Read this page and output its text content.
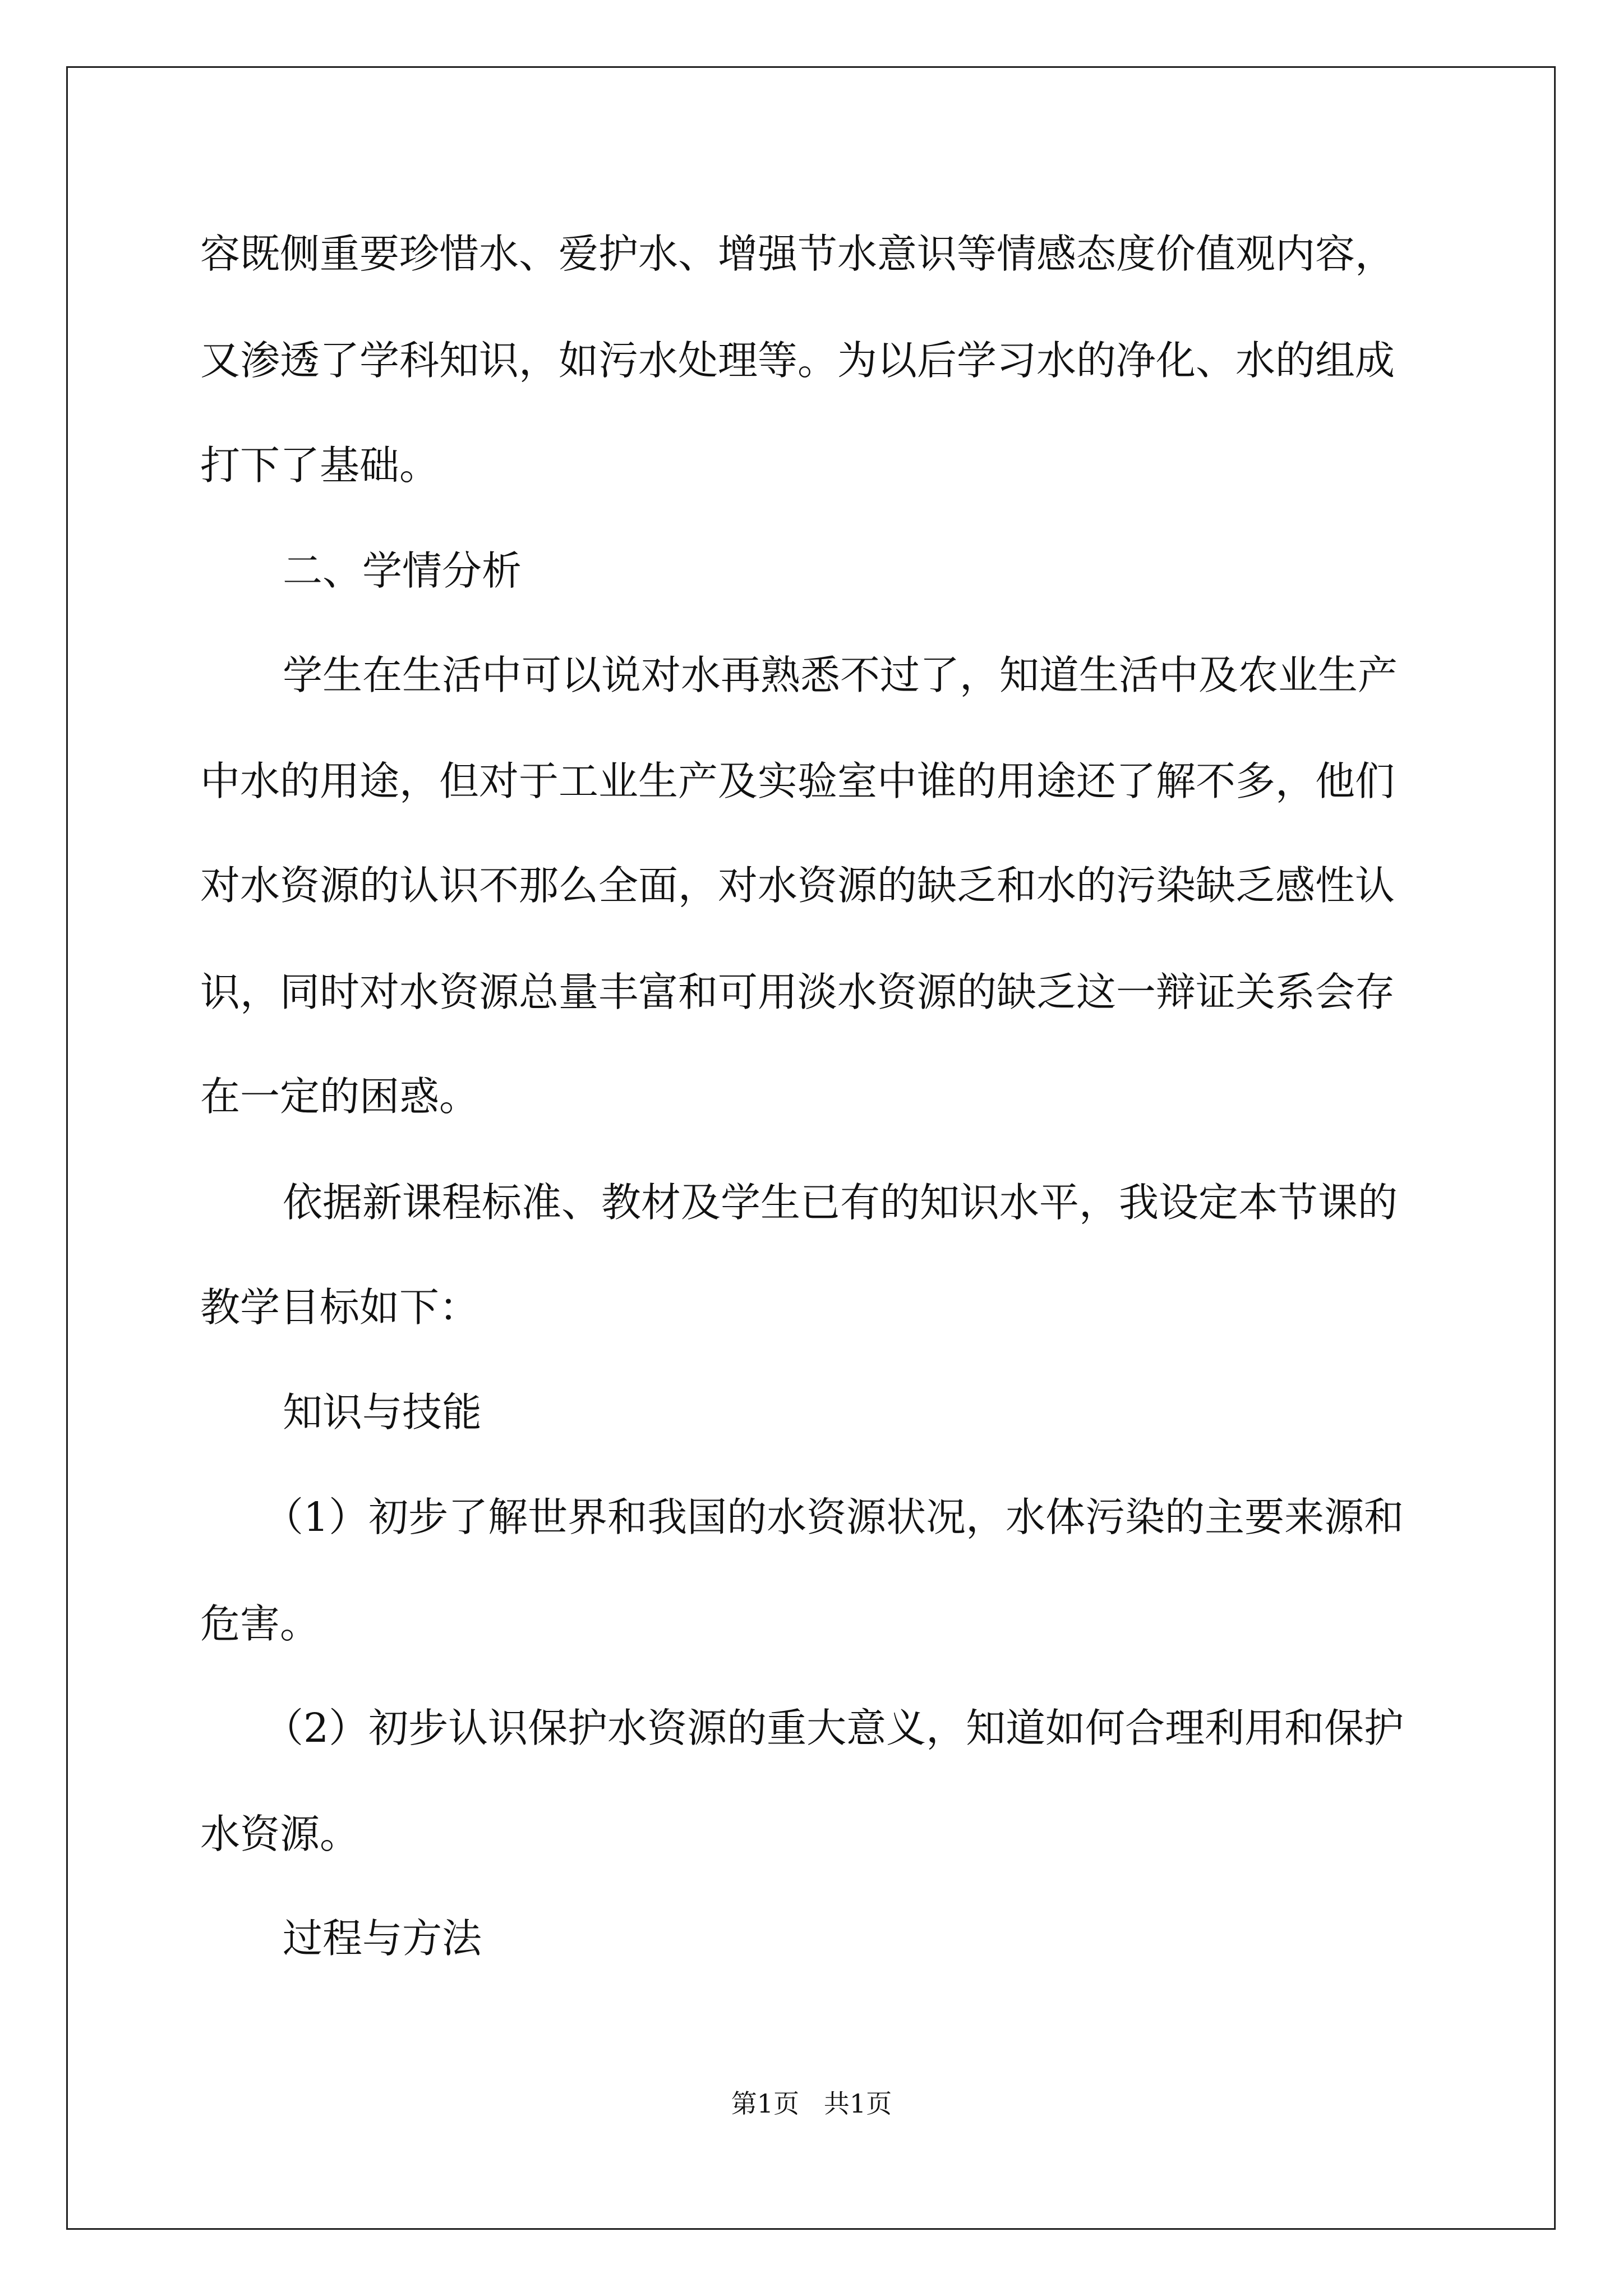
容既侧重要珍惜水、爱护水、增强节水意识等情感态度价值观内容，

又渗透了学科知识，如污水处理等。为以后学习水的净化、水的组成

打下了基础。

二、学情分析

学生在生活中可以说对水再熟悉不过了，知道生活中及农业生产

中水的用途，但对于工业生产及实验室中谁的用途还了解不多，他们

对水资源的认识不那么全面，对水资源的缺乏和水的污染缺乏感性认

识，同时对水资源总量丰富和可用淡水资源的缺乏这一辩证关系会存

在一定的困惑。

依据新课程标准、教材及学生已有的知识水平，我设定本节课的

教学目标如下：

知识与技能

（1）初步了解世界和我国的水资源状况，水体污染的主要来源和

危害。

（2）初步认识保护水资源的重大意义，知道如何合理利用和保护

水资源。

过程与方法

第1页   共1页
